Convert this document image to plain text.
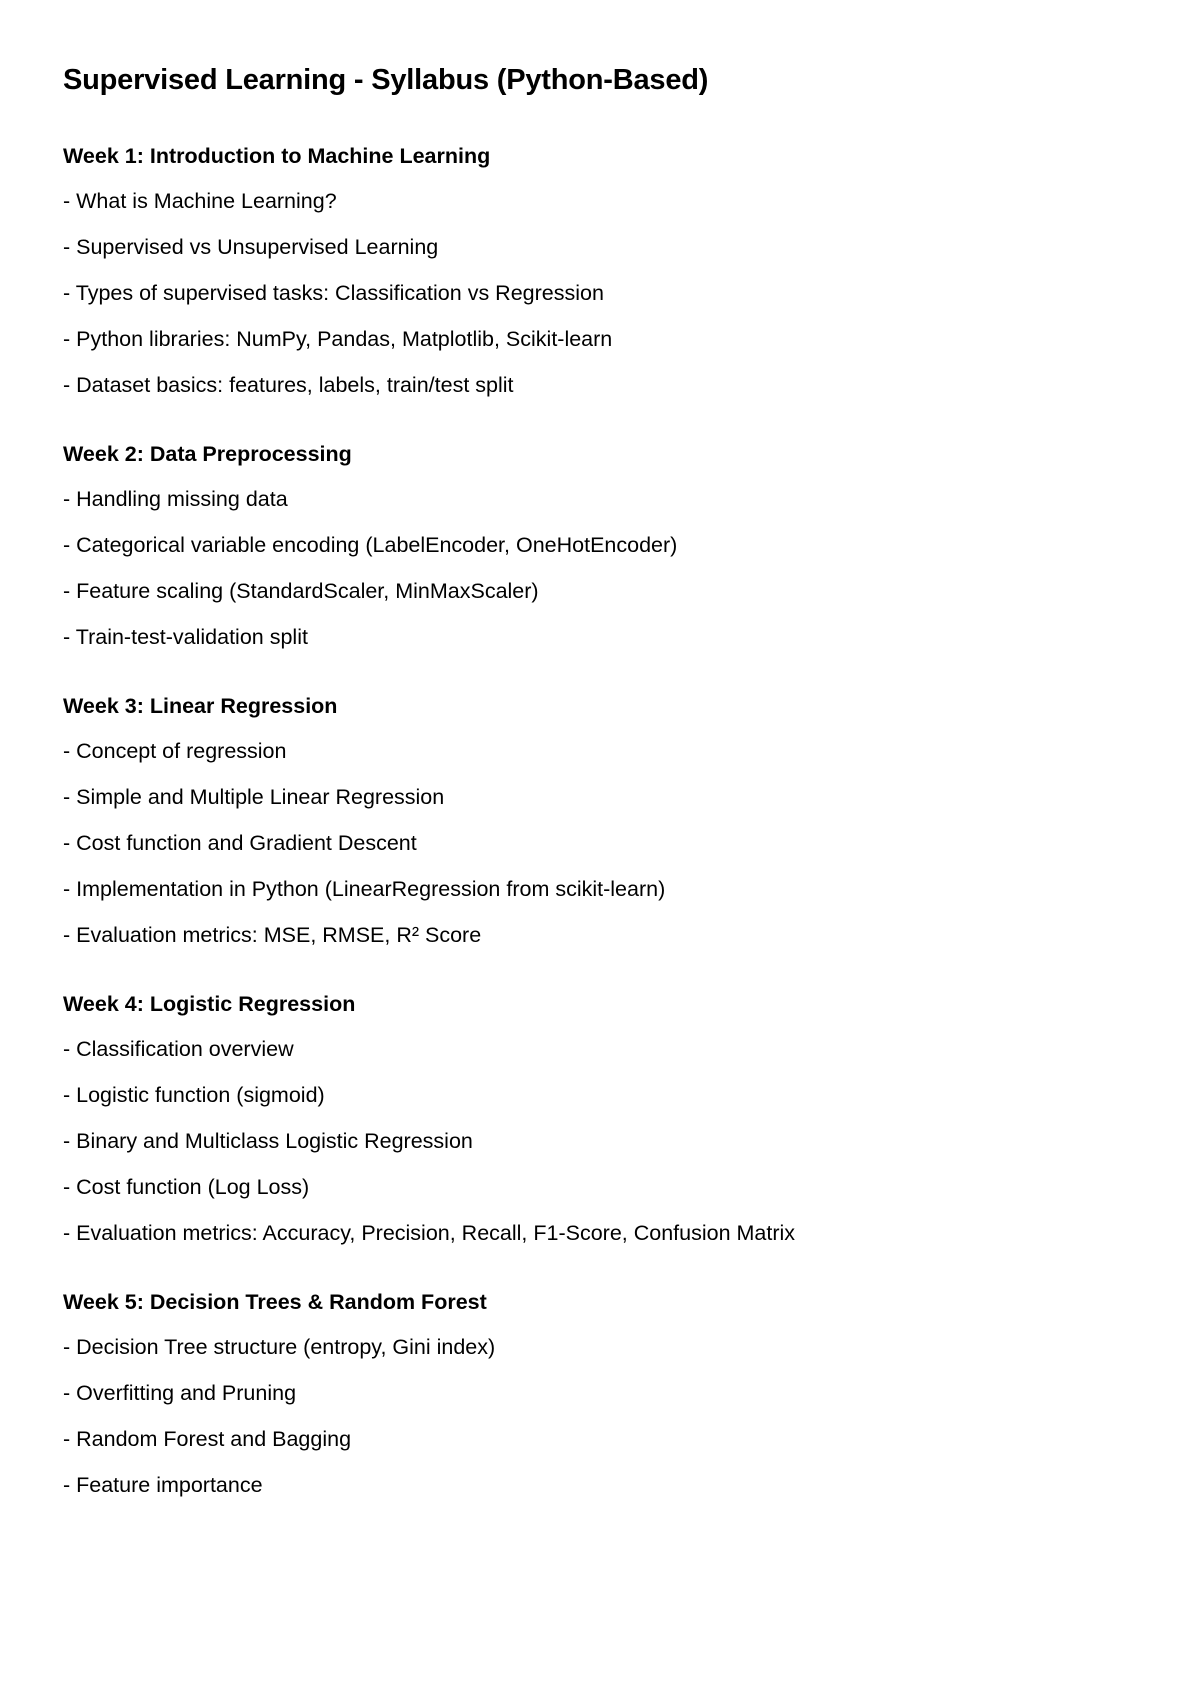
Supervised Learning - Syllabus (Python-Based)
Week 1: Introduction to Machine Learning
- What is Machine Learning?
- Supervised vs Unsupervised Learning
- Types of supervised tasks: Classification vs Regression
- Python libraries: NumPy, Pandas, Matplotlib, Scikit-learn
- Dataset basics: features, labels, train/test split
Week 2: Data Preprocessing
- Handling missing data
- Categorical variable encoding (LabelEncoder, OneHotEncoder)
- Feature scaling (StandardScaler, MinMaxScaler)
- Train-test-validation split
Week 3: Linear Regression
- Concept of regression
- Simple and Multiple Linear Regression
- Cost function and Gradient Descent
- Implementation in Python (LinearRegression from scikit-learn)
- Evaluation metrics: MSE, RMSE, R² Score
Week 4: Logistic Regression
- Classification overview
- Logistic function (sigmoid)
- Binary and Multiclass Logistic Regression
- Cost function (Log Loss)
- Evaluation metrics: Accuracy, Precision, Recall, F1-Score, Confusion Matrix
Week 5: Decision Trees & Random Forest
- Decision Tree structure (entropy, Gini index)
- Overfitting and Pruning
- Random Forest and Bagging
- Feature importance
